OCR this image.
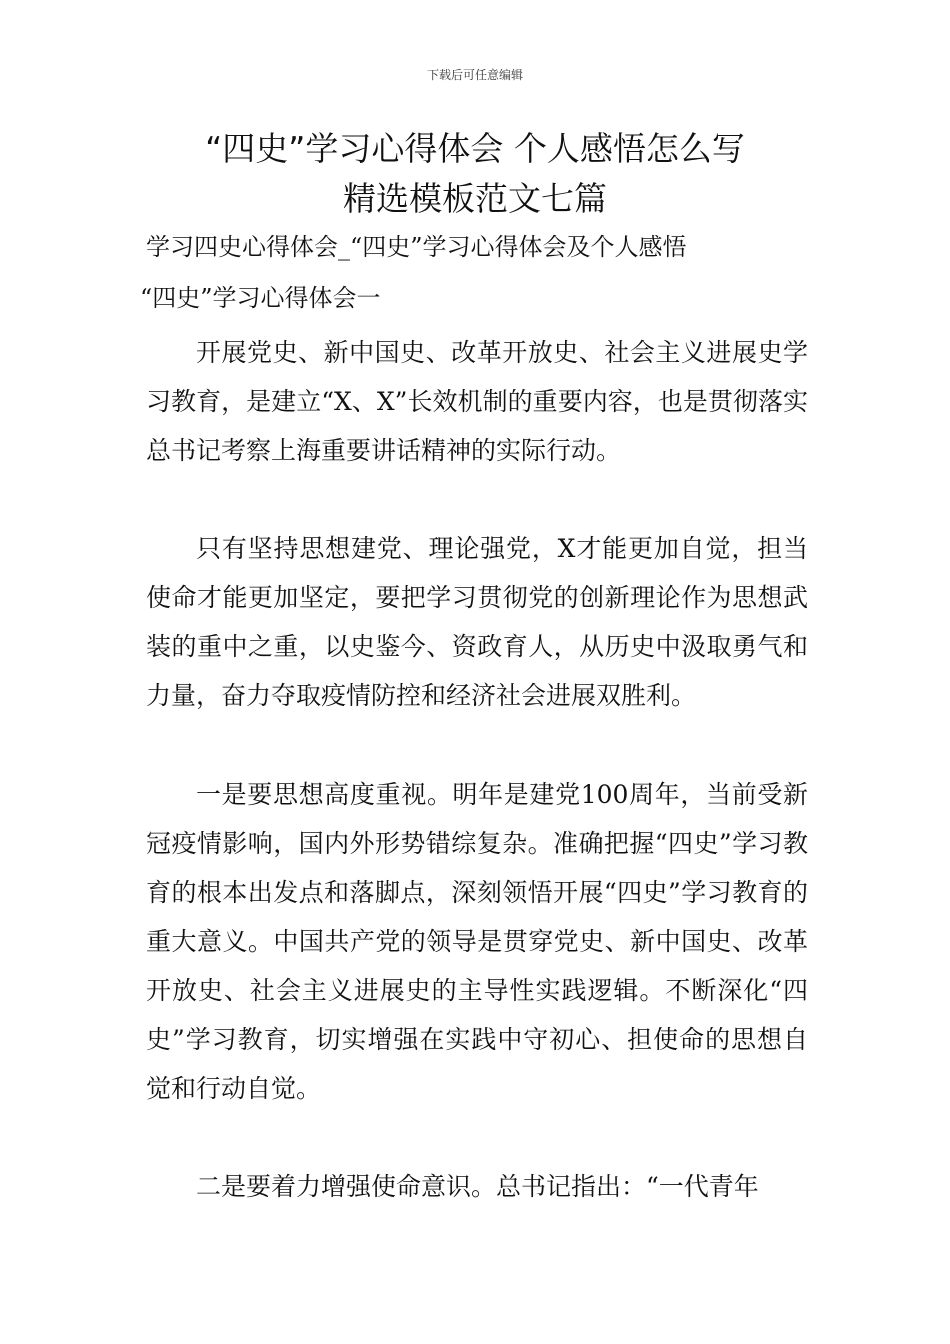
下载后可任意编辑
“四史”学习心得体会 个人感悟怎么写
精选模板范文七篇
学习四史心得体会_“四史”学习心得体会及个人感悟
“四史”学习心得体会一

开展党史、新中国史、改革开放史、社会主义进展史学习教育，是建立“X、X”长效机制的重要内容，也是贯彻落实总书记考察上海重要讲话精神的实际行动。

只有坚持思想建党、理论强党，X才能更加自觉，担当使命才能更加坚定，要把学习贯彻党的创新理论作为思想武装的重中之重，以史鉴今、资政育人，从历史中汲取勇气和力量，奋力夺取疫情防控和经济社会进展双胜利。

一是要思想高度重视。明年是建党100周年，当前受新冠疫情影响，国内外形势错综复杂。准确把握“四史”学习教育的根本出发点和落脚点，深刻领悟开展“四史”学习教育的重大意义。中国共产党的领导是贯穿党史、新中国史、改革开放史、社会主义进展史的主导性实践逻辑。不断深化“四史”学习教育，切实增强在实践中守初心、担使命的思想自觉和行动自觉。

二是要着力增强使命意识。总书记指出：“一代青年
